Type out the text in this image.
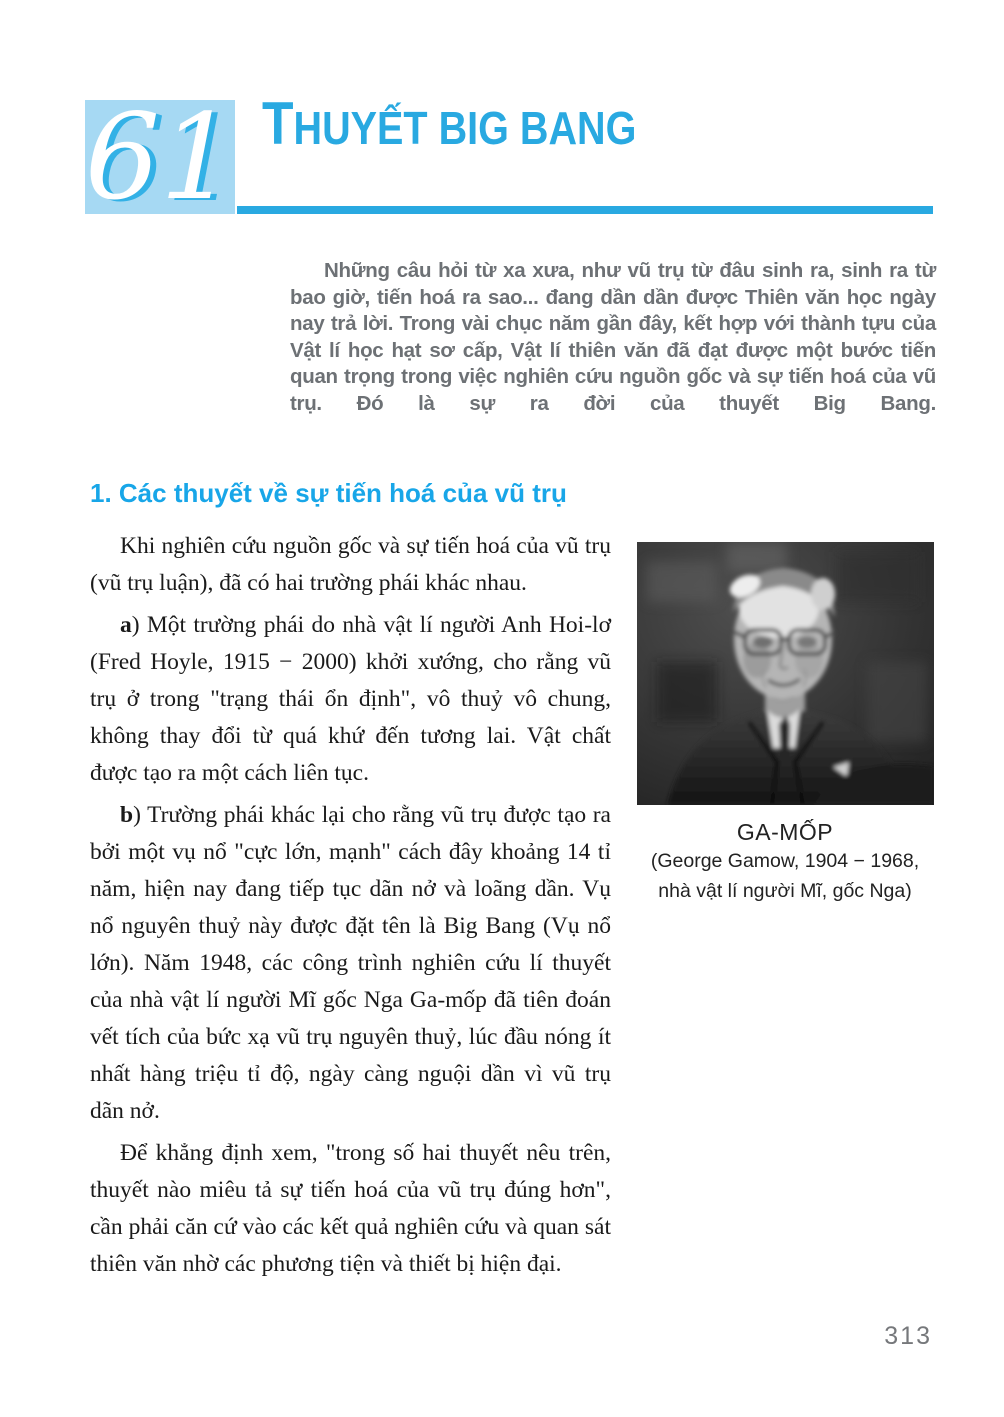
61 THUYẾT BIG BANG

Những câu hỏi từ xa xưa, như vũ trụ từ đâu sinh ra, sinh ra từ bao giờ, tiến hoá ra sao... đang dần dần được Thiên văn học ngày nay trả lời. Trong vài chục năm gần đây, kết hợp với thành tựu của Vật lí học hạt sơ cấp, Vật lí thiên văn đã đạt được một bước tiến quan trọng trong việc nghiên cứu nguồn gốc và sự tiến hoá của vũ trụ. Đó là sự ra đời của thuyết Big Bang.

1. Các thuyết về sự tiến hoá của vũ trụ

Khi nghiên cứu nguồn gốc và sự tiến hoá của vũ trụ (vũ trụ luận), đã có hai trường phái khác nhau.

a) Một trường phái do nhà vật lí người Anh Hoi-lơ (Fred Hoyle, 1915 − 2000) khởi xướng, cho rằng vũ trụ ở trong "trạng thái ổn định", vô thuỷ vô chung, không thay đổi từ quá khứ đến tương lai. Vật chất được tạo ra một cách liên tục.

b) Trường phái khác lại cho rằng vũ trụ được tạo ra bởi một vụ nổ "cực lớn, mạnh" cách đây khoảng 14 tỉ năm, hiện nay đang tiếp tục dãn nở và loãng dần. Vụ nổ nguyên thuỷ này được đặt tên là Big Bang (Vụ nổ lớn). Năm 1948, các công trình nghiên cứu lí thuyết của nhà vật lí người Mĩ gốc Nga Ga-mốp đã tiên đoán vết tích của bức xạ vũ trụ nguyên thuỷ, lúc đầu nóng ít nhất hàng triệu tỉ độ, ngày càng nguội dần vì vũ trụ dãn nở.

Để khẳng định xem, "trong số hai thuyết nêu trên, thuyết nào miêu tả sự tiến hoá của vũ trụ đúng hơn", cần phải căn cứ vào các kết quả nghiên cứu và quan sát thiên văn nhờ các phương tiện và thiết bị hiện đại.

GA-MỐP
(George Gamow, 1904 − 1968,
nhà vật lí người Mĩ, gốc Nga)
313
